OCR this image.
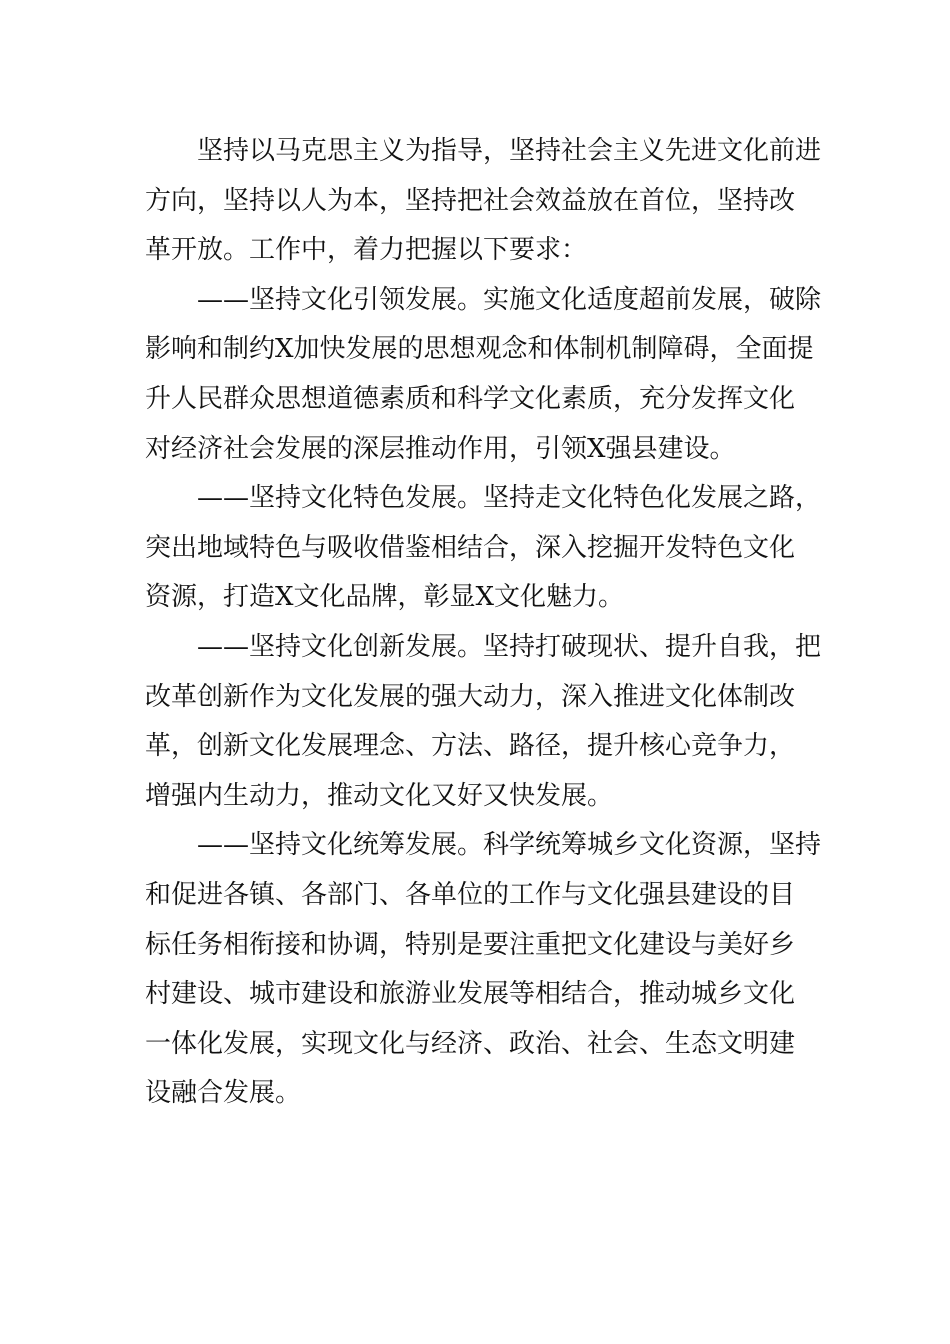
　　坚持以马克思主义为指导，坚持社会主义先进文化前进
方向，坚持以人为本，坚持把社会效益放在首位，坚持改
革开放。工作中，着力把握以下要求：
　　——坚持文化引领发展。实施文化适度超前发展，破除
影响和制约X加快发展的思想观念和体制机制障碍，全面提
升人民群众思想道德素质和科学文化素质，充分发挥文化
对经济社会发展的深层推动作用，引领X强县建设。
　　——坚持文化特色发展。坚持走文化特色化发展之路，
突出地域特色与吸收借鉴相结合，深入挖掘开发特色文化
资源，打造X文化品牌，彰显X文化魅力。
　　——坚持文化创新发展。坚持打破现状、提升自我，把
改革创新作为文化发展的强大动力，深入推进文化体制改
革，创新文化发展理念、方法、路径，提升核心竞争力，
增强内生动力，推动文化又好又快发展。
　　——坚持文化统筹发展。科学统筹城乡文化资源，坚持
和促进各镇、各部门、各单位的工作与文化强县建设的目
标任务相衔接和协调，特别是要注重把文化建设与美好乡
村建设、城市建设和旅游业发展等相结合，推动城乡文化
一体化发展，实现文化与经济、政治、社会、生态文明建
设融合发展。
